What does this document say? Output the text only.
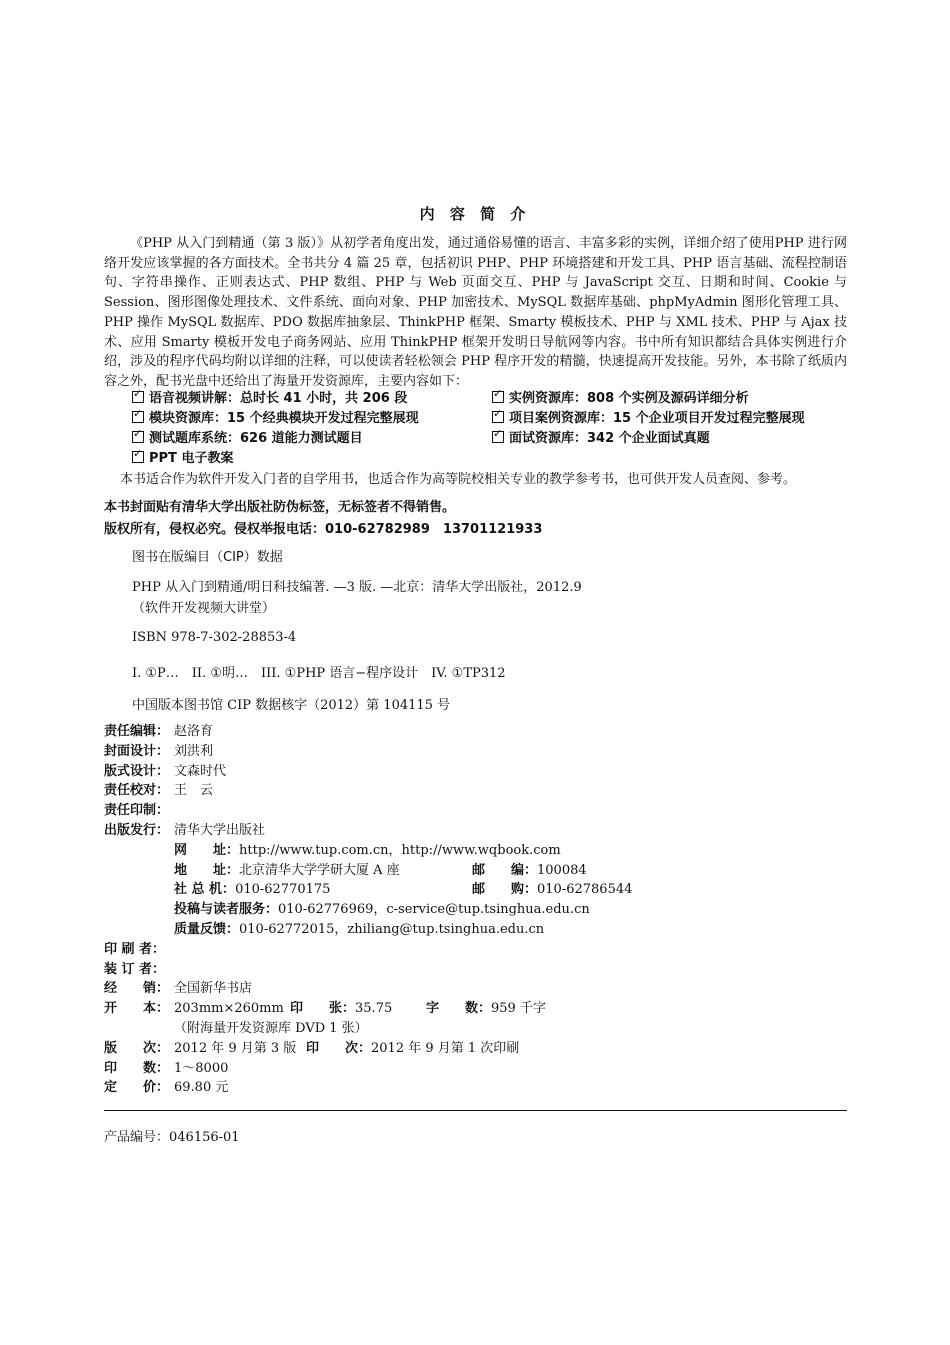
内 容 简 介
《PHP 从入门到精通（第 3 版）》从初学者角度出发，通过通俗易懂的语言、丰富多彩的实例，详细介绍了使用PHP 进行网络开发应该掌握的各方面技术。全书共分 4 篇 25 章，包括初识 PHP、PHP 环境搭建和开发工具、PHP 语言基础、流程控制语句、字符串操作、正则表达式、PHP 数组、PHP 与 Web 页面交互、PHP 与 JavaScript 交互、日期和时间、Cookie 与 Session、图形图像处理技术、文件系统、面向对象、PHP 加密技术、MySQL 数据库基础、phpMyAdmin 图形化管理工具、PHP 操作 MySQL 数据库、PDO 数据库抽象层、ThinkPHP 框架、Smarty 模板技术、PHP 与 XML 技术、PHP 与 Ajax 技术、应用 Smarty 模板开发电子商务网站、应用 ThinkPHP 框架开发明日导航网等内容。书中所有知识都结合具体实例进行介绍，涉及的程序代码均附以详细的注释，可以使读者轻松领会 PHP 程序开发的精髓，快速提高开发技能。另外，本书除了纸质内容之外，配书光盘中还给出了海量开发资源库，主要内容如下：
✓语音视频讲解：总时长 41 小时，共 206 段 ✓	实例资源库：808 个实例及源码详细分析
✓模块资源库：15 个经典模块开发过程完整展现 ✓	项目案例资源库：15 个企业项目开发过程完整展现
✓测试题库系统：626 道能力测试题目 ✓	面试资源库：342 个企业面试真题
✓PPT 电子教案
本书适合作为软件开发入门者的自学用书，也适合作为高等院校相关专业的教学参考书，也可供开发人员查阅、参考。
本书封面贴有清华大学出版社防伪标签，无标签者不得销售。
版权所有，侵权必究。侵权举报电话：010-62782989　13701121933
图书在版编目（CIP）数据
PHP 从入门到精通/明日科技编著. —3 版. —北京：清华大学出版社，2012.9
（软件开发视频大讲堂）
ISBN 978-7-302-28853-4
I. ①P…　II. ①明…　III. ①PHP 语言−程序设计　IV. ①TP312
中国版本图书馆 CIP 数据核字（2012）第 104115 号
责任编辑： 赵洛育
封面设计： 刘洪利
版式设计： 文森时代
责任校对： 王　云
责任印制：
出版发行： 清华大学出版社
网　　址：http://www.tup.com.cn，http://www.wqbook.com
地　　址：北京清华大学学研大厦 A 座	邮　　编：100084
社 总 机：010-62770175	邮　　购：010-62786544
投稿与读者服务：010-62776969，c-service@tup.tsinghua.edu.cn
质量反馈：010-62772015，zhiliang@tup.tsinghua.edu.cn
印 刷 者：
装 订 者：
经　　销： 全国新华书店
开　　本： 203mm×260mm 印　　张：35.75	字　　数：959 千字
（附海量开发资源库 DVD 1 张）
版　　次： 2012 年 9 月第 3 版 印　　次：2012 年 9 月第 1 次印刷
印　　数： 1～8000
定　　价： 69.80 元
产品编号：046156-01
